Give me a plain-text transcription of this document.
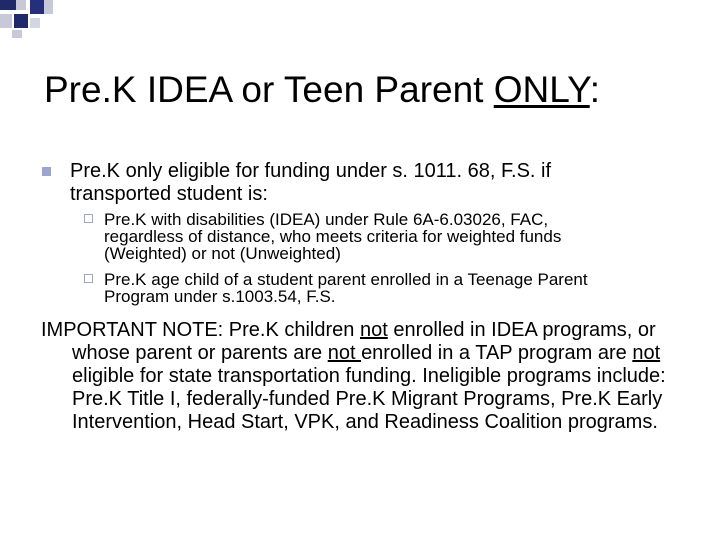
Pre.K IDEA or Teen Parent ONLY:
Pre.K only eligible for funding under s. 1011. 68, F.S. if
transported student is:
Pre.K with disabilities (IDEA) under Rule 6A-6.03026, FAC,
regardless of distance, who meets criteria for weighted funds
(Weighted) or not (Unweighted)
Pre.K age child of a student parent enrolled in a Teenage Parent
Program under s.1003.54, F.S.

IMPORTANT NOTE: Pre.K children not enrolled in IDEA programs, or whose parent or parents are not enrolled in a TAP program are not eligible for state transportation funding. Ineligible programs include: Pre.K Title I, federally-funded Pre.K Migrant Programs, Pre.K Early Intervention, Head Start, VPK, and Readiness Coalition programs.
